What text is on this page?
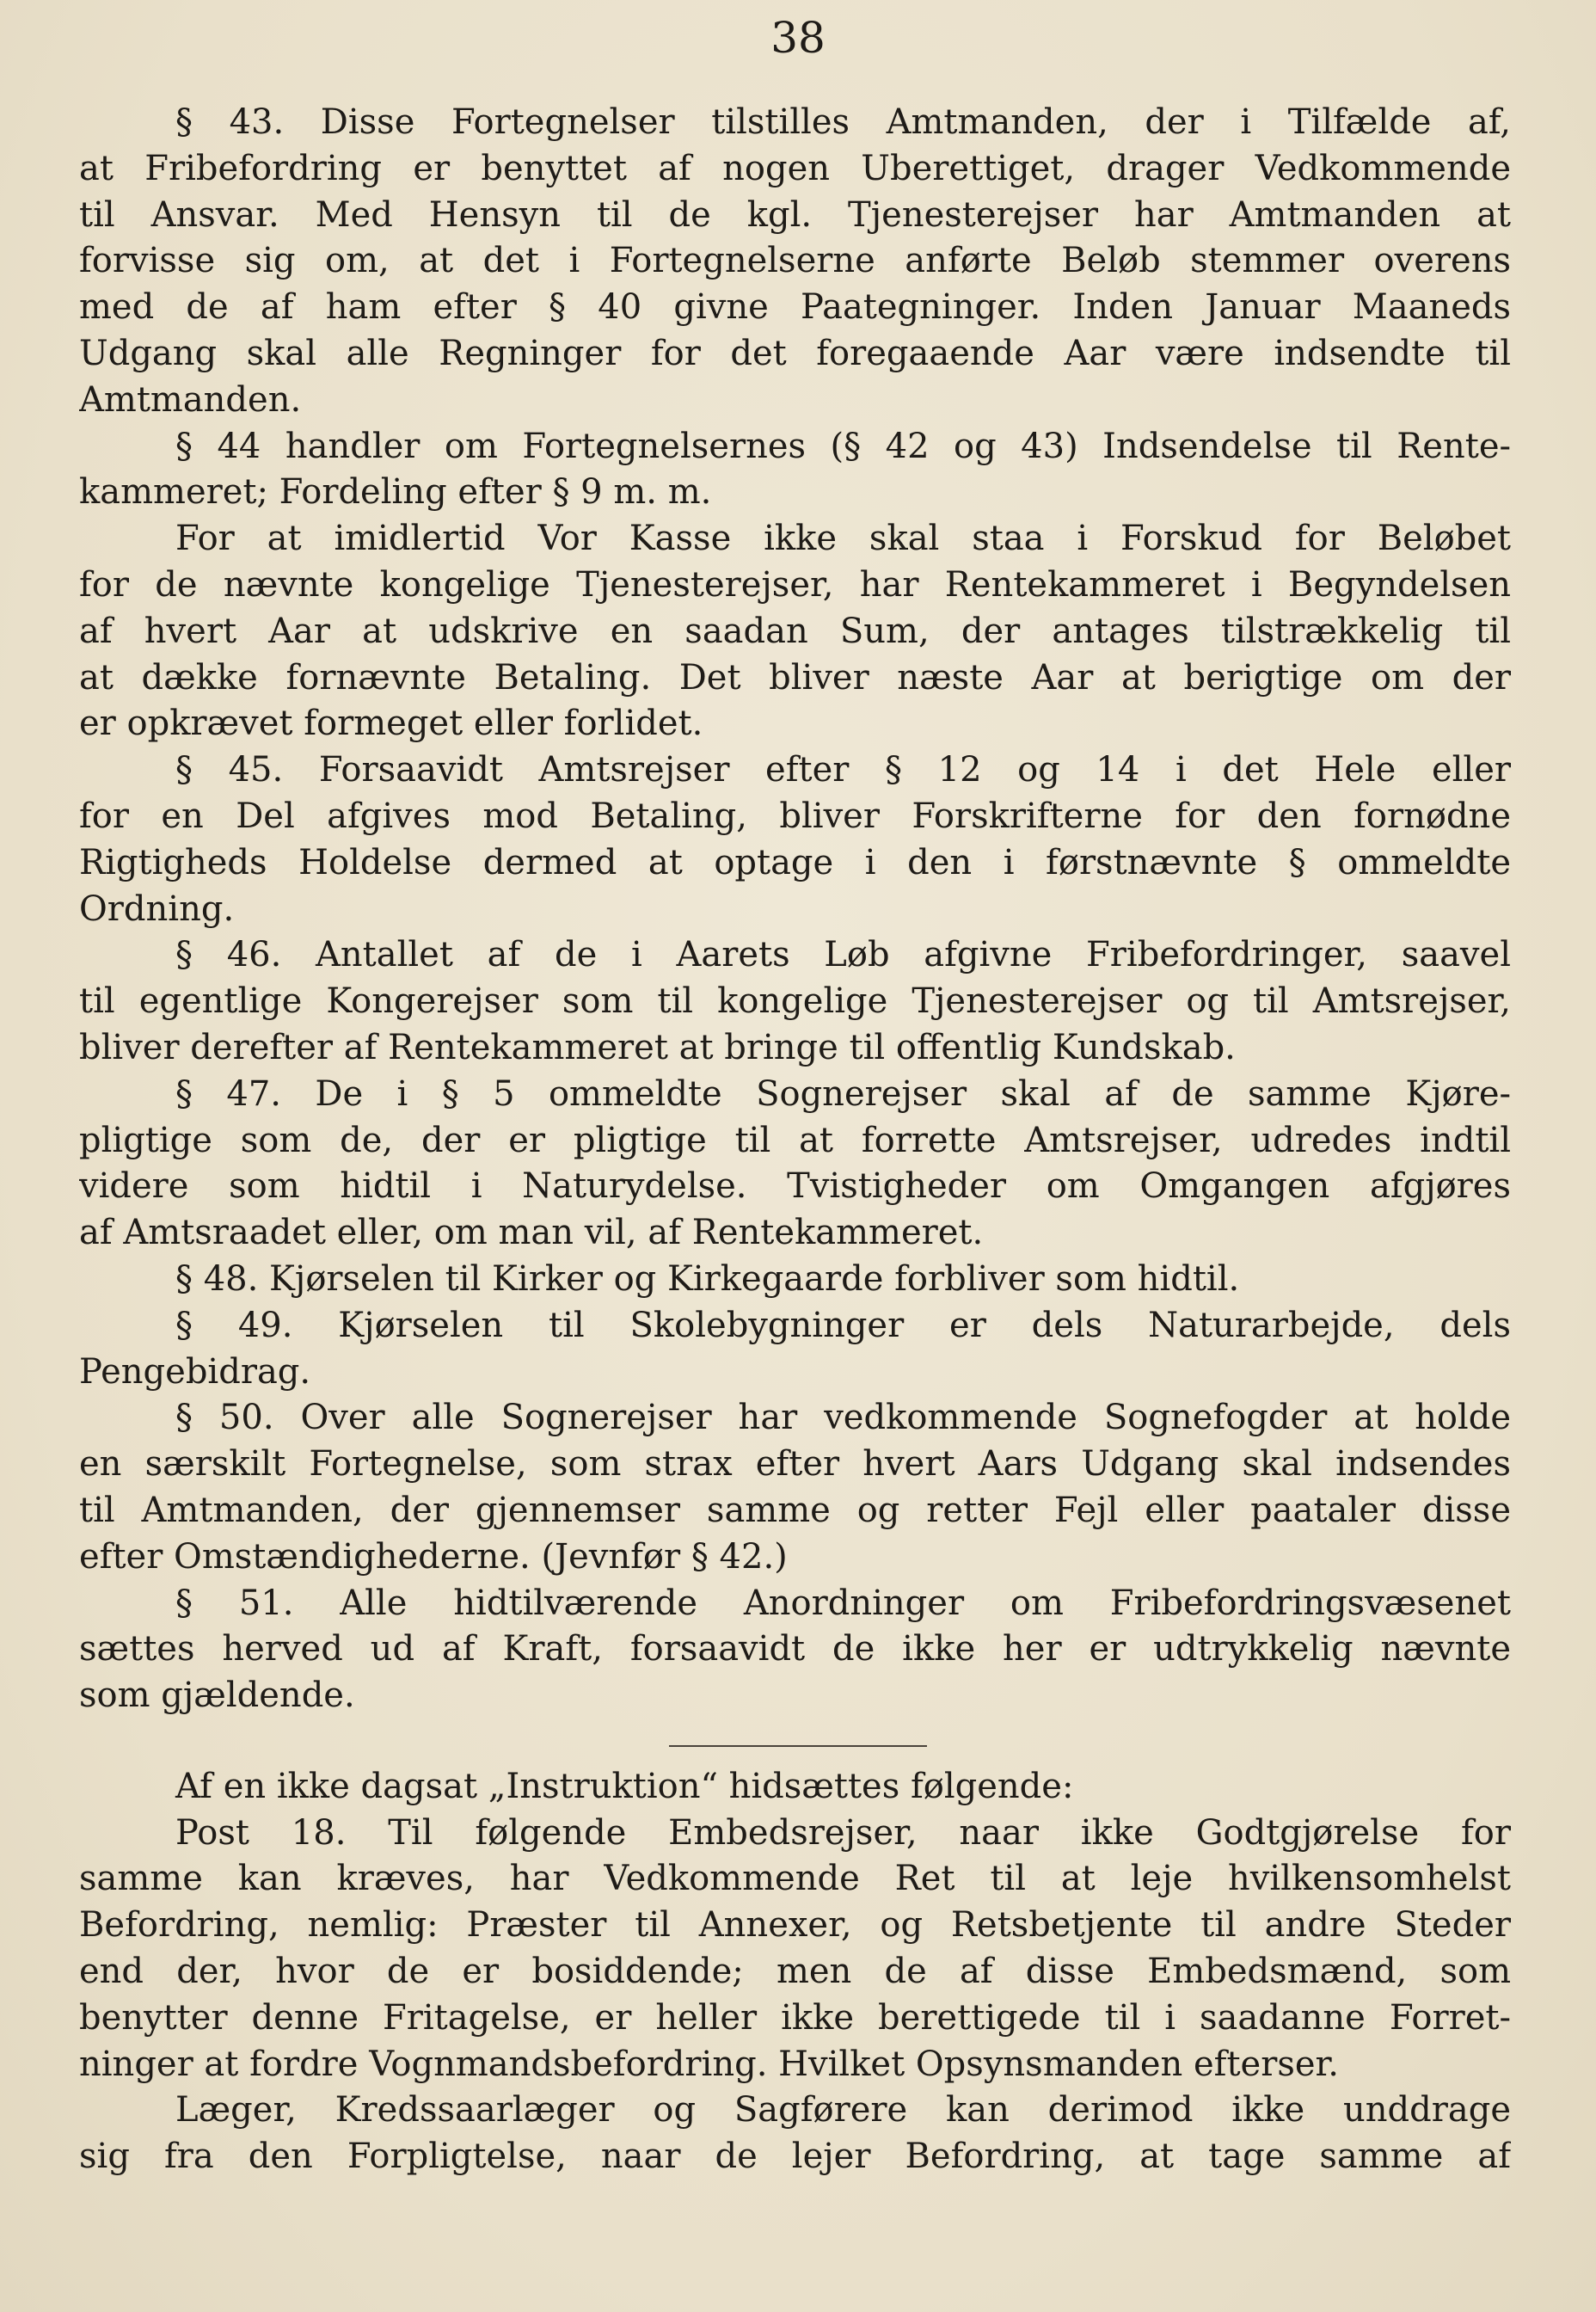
38
§ 43. Disse Fortegnelser tilstilles Amtmanden, der i Tilfælde af,
at Fribefordring er benyttet af nogen Uberettiget, drager Vedkommende
til Ansvar. Med Hensyn til de kgl. Tjenesterejser har Amtmanden at
forvisse sig om, at det i Fortegnelserne anførte Beløb stemmer overens
med de af ham efter § 40 givne Paategninger. Inden Januar Maaneds
Udgang skal alle Regninger for det foregaaende Aar være indsendte til
Amtmanden.
§ 44 handler om Fortegnelsernes (§ 42 og 43) Indsendelse til Rente-
kammeret; Fordeling efter § 9 m. m.
For at imidlertid Vor Kasse ikke skal staa i Forskud for Beløbet
for de nævnte kongelige Tjenesterejser, har Rentekammeret i Begyndelsen
af hvert Aar at udskrive en saadan Sum, der antages tilstrækkelig til
at dække fornævnte Betaling. Det bliver næste Aar at berigtige om der
er opkrævet formeget eller forlidet.
§ 45. Forsaavidt Amtsrejser efter § 12 og 14 i det Hele eller
for en Del afgives mod Betaling, bliver Forskrifterne for den fornødne
Rigtigheds Holdelse dermed at optage i den i førstnævnte § ommeldte
Ordning.
§ 46. Antallet af de i Aarets Løb afgivne Fribefordringer, saavel
til egentlige Kongerejser som til kongelige Tjenesterejser og til Amtsrejser,
bliver derefter af Rentekammeret at bringe til offentlig Kundskab.
§ 47. De i § 5 ommeldte Sognerejser skal af de samme Kjøre-
pligtige som de, der er pligtige til at forrette Amtsrejser, udredes indtil
videre som hidtil i Naturydelse. Tvistigheder om Omgangen afgjøres
af Amtsraadet eller, om man vil, af Rentekammeret.
§ 48. Kjørselen til Kirker og Kirkegaarde forbliver som hidtil.
§ 49. Kjørselen til Skolebygninger er dels Naturarbejde, dels
Pengebidrag.
§ 50. Over alle Sognerejser har vedkommende Sognefogder at holde
en særskilt Fortegnelse, som strax efter hvert Aars Udgang skal indsendes
til Amtmanden, der gjennemser samme og retter Fejl eller paataler disse
efter Omstændighederne. (Jevnfør § 42.)
§ 51. Alle hidtilværende Anordninger om Fribefordringsvæsenet
sættes herved ud af Kraft, forsaavidt de ikke her er udtrykkelig nævnte
som gjældende.
Af en ikke dagsat „Instruktion“ hidsættes følgende:
Post 18. Til følgende Embedsrejser, naar ikke Godtgjørelse for
samme kan kræves, har Vedkommende Ret til at leje hvilkensomhelst
Befordring, nemlig: Præster til Annexer, og Retsbetjente til andre Steder
end der, hvor de er bosiddende; men de af disse Embedsmænd, som
benytter denne Fritagelse, er heller ikke berettigede til i saadanne Forret-
ninger at fordre Vognmandsbefordring. Hvilket Opsynsmanden efterser.
Læger, Kredssaarlæger og Sagførere kan derimod ikke unddrage
sig fra den Forpligtelse, naar de lejer Befordring, at tage samme af
